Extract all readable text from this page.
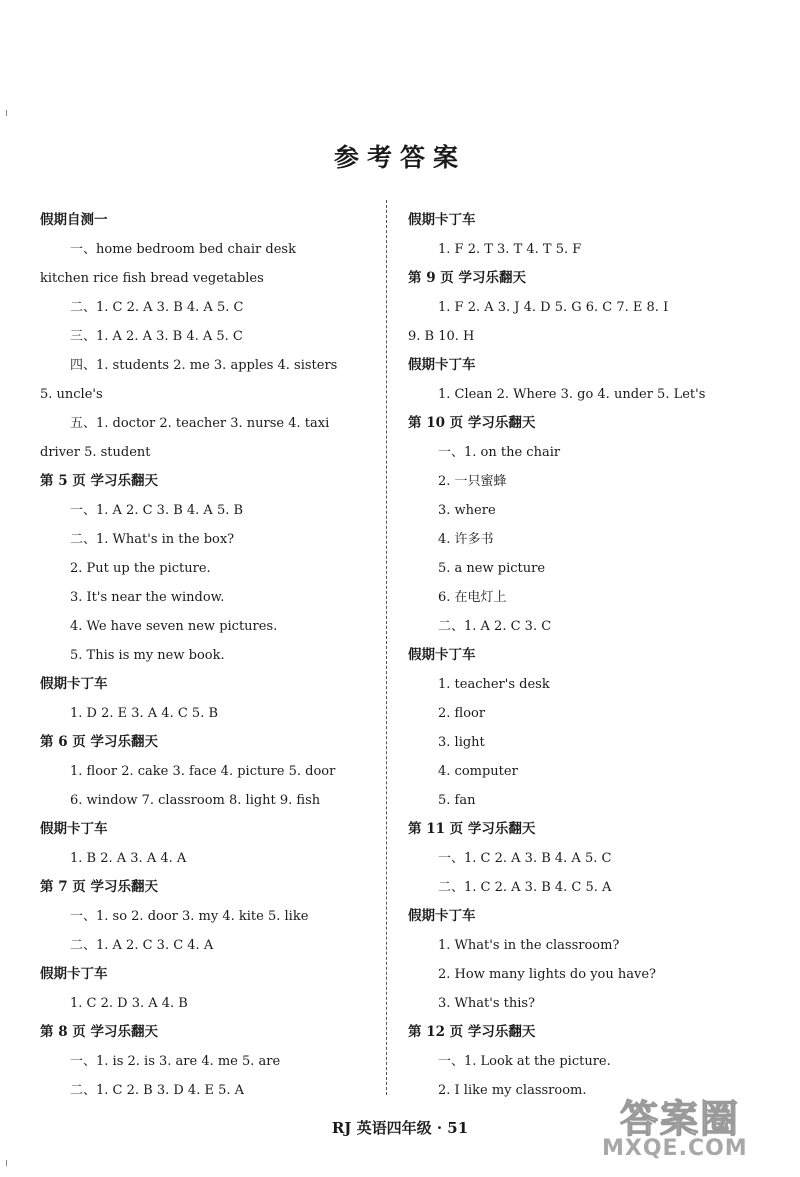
参考答案
假期自测一
一、home bedroom bed chair desk
kitchen rice fish bread vegetables
二、1. C 2. A 3. B 4. A 5. C
三、1. A 2. A 3. B 4. A 5. C
四、1. students 2. me 3. apples 4. sisters
5. uncle's
五、1. doctor 2. teacher 3. nurse 4. taxi
driver 5. student
第 5 页 学习乐翻天
一、1. A 2. C 3. B 4. A 5. B
二、1. What's in the box?
2. Put up the picture.
3. It's near the window.
4. We have seven new pictures.
5. This is my new book.
假期卡丁车
1. D 2. E 3. A 4. C 5. B
第 6 页 学习乐翻天
1. floor 2. cake 3. face 4. picture 5. door
6. window 7. classroom 8. light 9. fish
假期卡丁车
1. B 2. A 3. A 4. A
第 7 页 学习乐翻天
一、1. so 2. door 3. my 4. kite 5. like
二、1. A 2. C 3. C 4. A
假期卡丁车
1. C 2. D 3. A 4. B
第 8 页 学习乐翻天
一、1. is 2. is 3. are 4. me 5. are
二、1. C 2. B 3. D 4. E 5. A
假期卡丁车
1. F 2. T 3. T 4. T 5. F
第 9 页 学习乐翻天
1. F 2. A 3. J 4. D 5. G 6. C 7. E 8. I
9. B 10. H
假期卡丁车
1. Clean 2. Where 3. go 4. under 5. Let's
第 10 页 学习乐翻天
一、1. on the chair
2. 一只蜜蜂
3. where
4. 许多书
5. a new picture
6. 在电灯上
二、1. A 2. C 3. C
假期卡丁车
1. teacher's desk
2. floor
3. light
4. computer
5. fan
第 11 页 学习乐翻天
一、1. C 2. A 3. B 4. A 5. C
二、1. C 2. A 3. B 4. C 5. A
假期卡丁车
1. What's in the classroom?
2. How many lights do you have?
3. What's this?
第 12 页 学习乐翻天
一、1. Look at the picture.
2. I like my classroom.
RJ 英语四年级 · 51	答案圈
MXQE.COM
